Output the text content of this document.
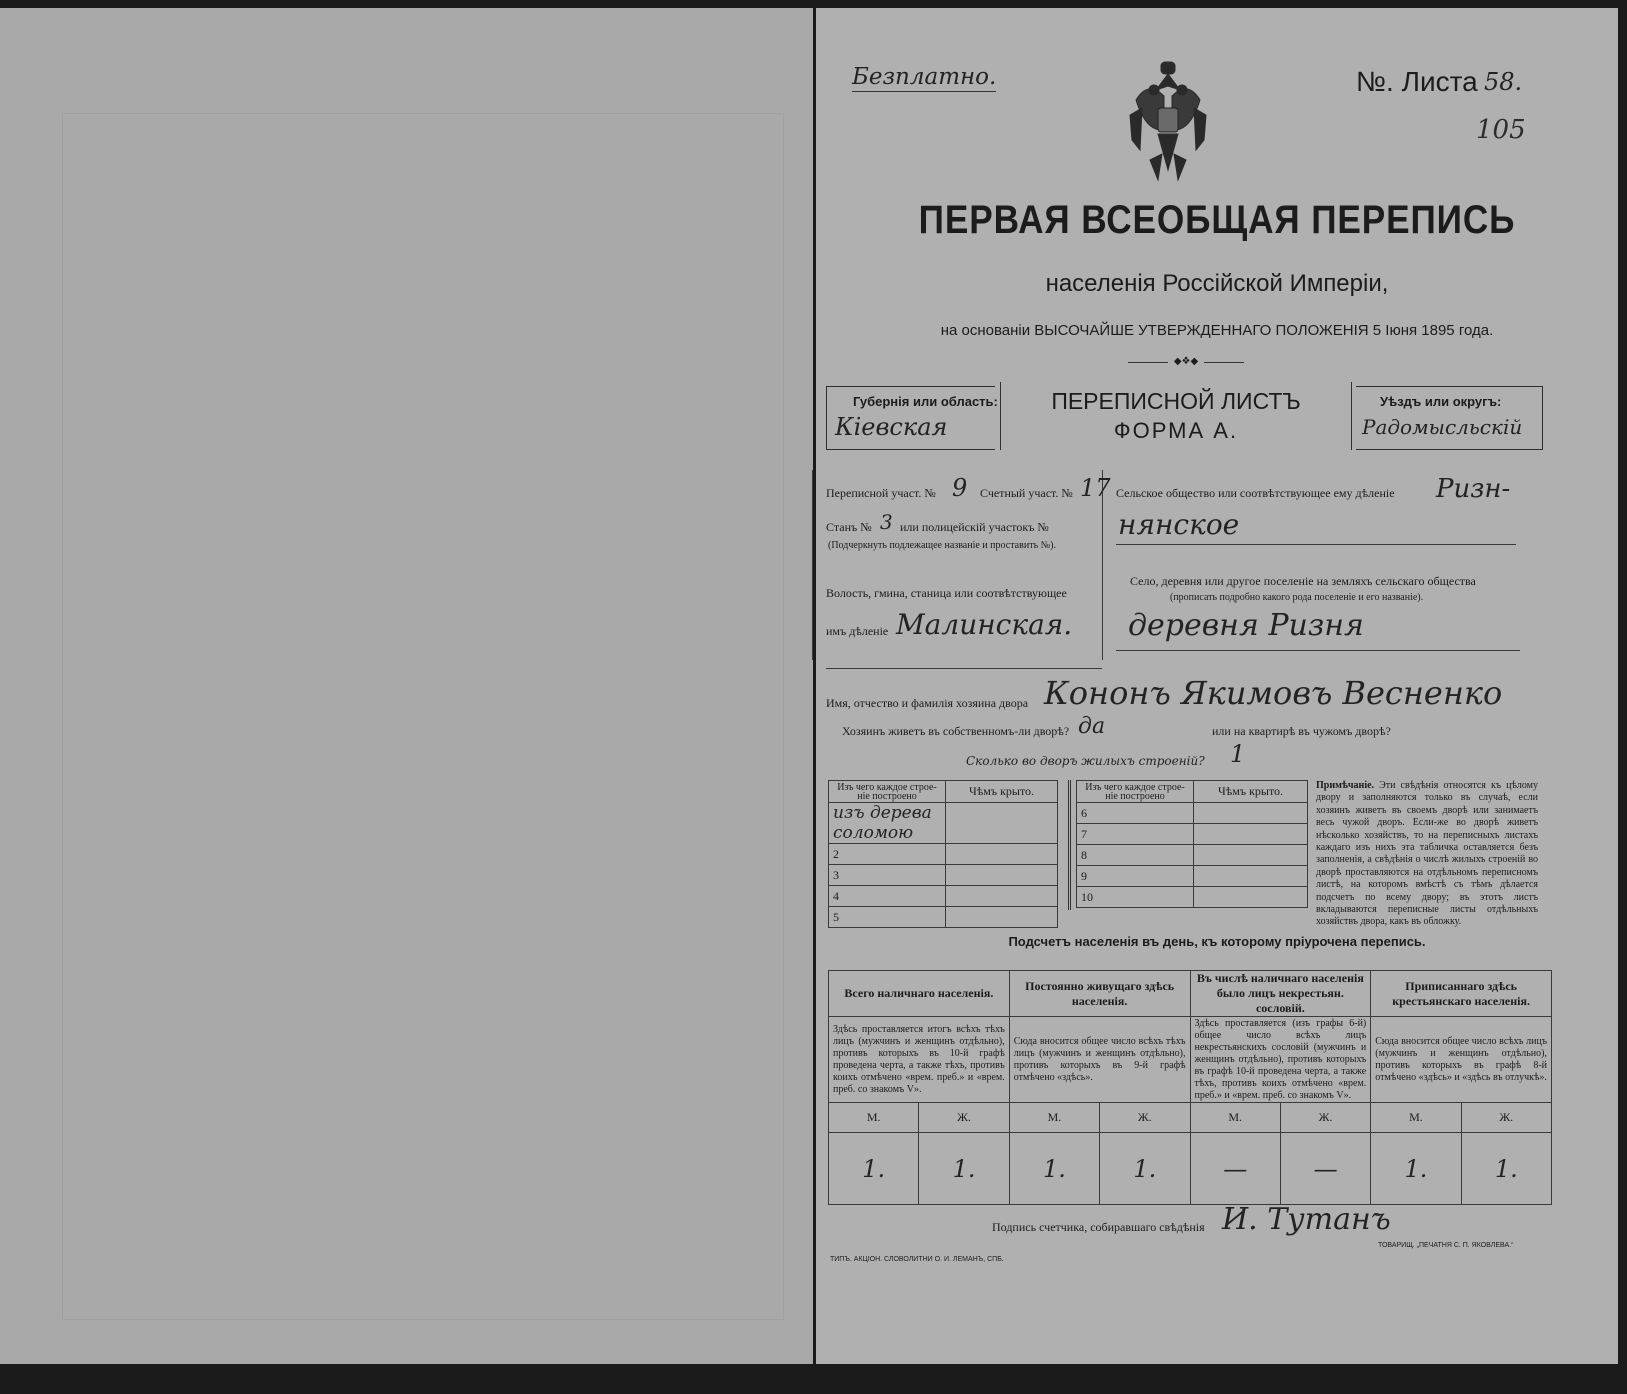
Безплатно.	№. Листа 58.
105
ПЕРВАЯ ВСЕОБЩАЯ ПЕРЕПИСЬ
населенія Россійской Имперіи,
на основаніи ВЫСОЧАЙШЕ УТВЕРЖДЕННАГО ПОЛОЖЕНІЯ 5 Іюня 1895 года.
◆❖◆
Губернія или область:
Кіевская
ПЕРЕПИСНОЙ ЛИСТЪ
ФОРМА А.
Уѣздъ или округъ:
Радомысльскій
Переписной участ. № 9 Счетный участ. № 17
Станъ № 3 или полицейскій участокъ №
(Подчеркнуть подлежащее названіе и проставить №).
Волость, гмина, станица или соотвѣтствующее
имъ дѣленіе Малинская.
Сельское общество или соотвѣтствующее ему дѣленіе Ризн-
нянское
Село, деревня или другое поселеніе на земляхъ сельскаго общества
(прописать подробно какого рода поселеніе и его названіе).
деревня Ризня
Имя, отчество и фамилія хозяина двора Кононъ Якимовъ Весненко
Хозяинъ живетъ въ собственномъ-ли дворѣ? да	или на квартирѣ въ чужомъ дворѣ?
Сколько во дворъ жилыхъ строеній? 1
Изъ чего каждое строе-ніе построено	Чѣмъ крыто.
изъ дерева соломою	
2	
3	
4	
5	
Изъ чего каждое строе-ніе построено	Чѣмъ крыто.
6	
7	
8	
9	
10	
Примѣчаніе. Эти свѣдѣнія относятся къ цѣлому двору и заполняются только въ случаѣ, если хозяинъ живетъ въ своемъ дворѣ или занимаетъ весь чужой дворъ. Если-же во дворѣ живетъ нѣсколько хозяйствъ, то на переписныхъ листахъ каждаго изъ нихъ эта табличка оставляется безъ заполненія, а свѣдѣнія о числѣ жилыхъ строеній во дворѣ проставляются на отдѣльномъ переписномъ листѣ, на которомъ вмѣстѣ съ тѣмъ дѣлается подсчетъ по всему двору; въ этотъ листъ вкладываются переписные листы отдѣльныхъ хозяйствъ двора, какъ въ обложку.
Подсчетъ населенія въ день, къ которому пріурочена перепись.
Всего наличнаго населенія.		Постоянно живущаго здѣсь населенія.		Въ числѣ наличнаго населенія было лицъ некрестьян. сословій.		Приписаннаго здѣсь крестьянскаго населенія.	
Здѣсь проставляется итогъ всѣхъ тѣхъ лицъ (мужчинъ и женщинъ отдѣльно), противъ которыхъ въ 10-й графѣ проведена черта, а также тѣхъ, противъ коихъ отмѣчено «врем. преб.» и «врем. преб. со знакомъ V».		Сюда вносится общее число всѣхъ тѣхъ лицъ (мужчинъ и женщинъ отдѣльно), противъ которыхъ въ 9-й графѣ отмѣчено «здѣсь».		Здѣсь проставляется (изъ графы 6-й) общее число всѣхъ лицъ некрестьянскихъ сословій (мужчинъ и женщинъ отдѣльно), противъ которыхъ въ графѣ 10-й проведена черта, а также тѣхъ, противъ коихъ отмѣчено «врем. преб.» и «врем. преб. со знакомъ V».		Сюда вносится общее число всѣхъ лицъ (мужчинъ и женщинъ отдѣльно), противъ которыхъ въ графѣ 8-й отмѣчено «здѣсь» и «здѣсь въ отлучкѣ».	
М.	Ж.	М.	Ж.	М.	Ж.	М.	Ж.
1.	1.	1.	1.	—	—	1.	1.
Подпись счетчика, собиравшаго свѣдѣнія И. Тутанъ
ТИПЪ. АКЦІОН. СЛОВОЛИТНИ О. И. ЛЕМАНЪ, СПБ.
ТОВАРИЩ. „ПЕЧАТНЯ С. П. ЯКОВЛЕВА.“
